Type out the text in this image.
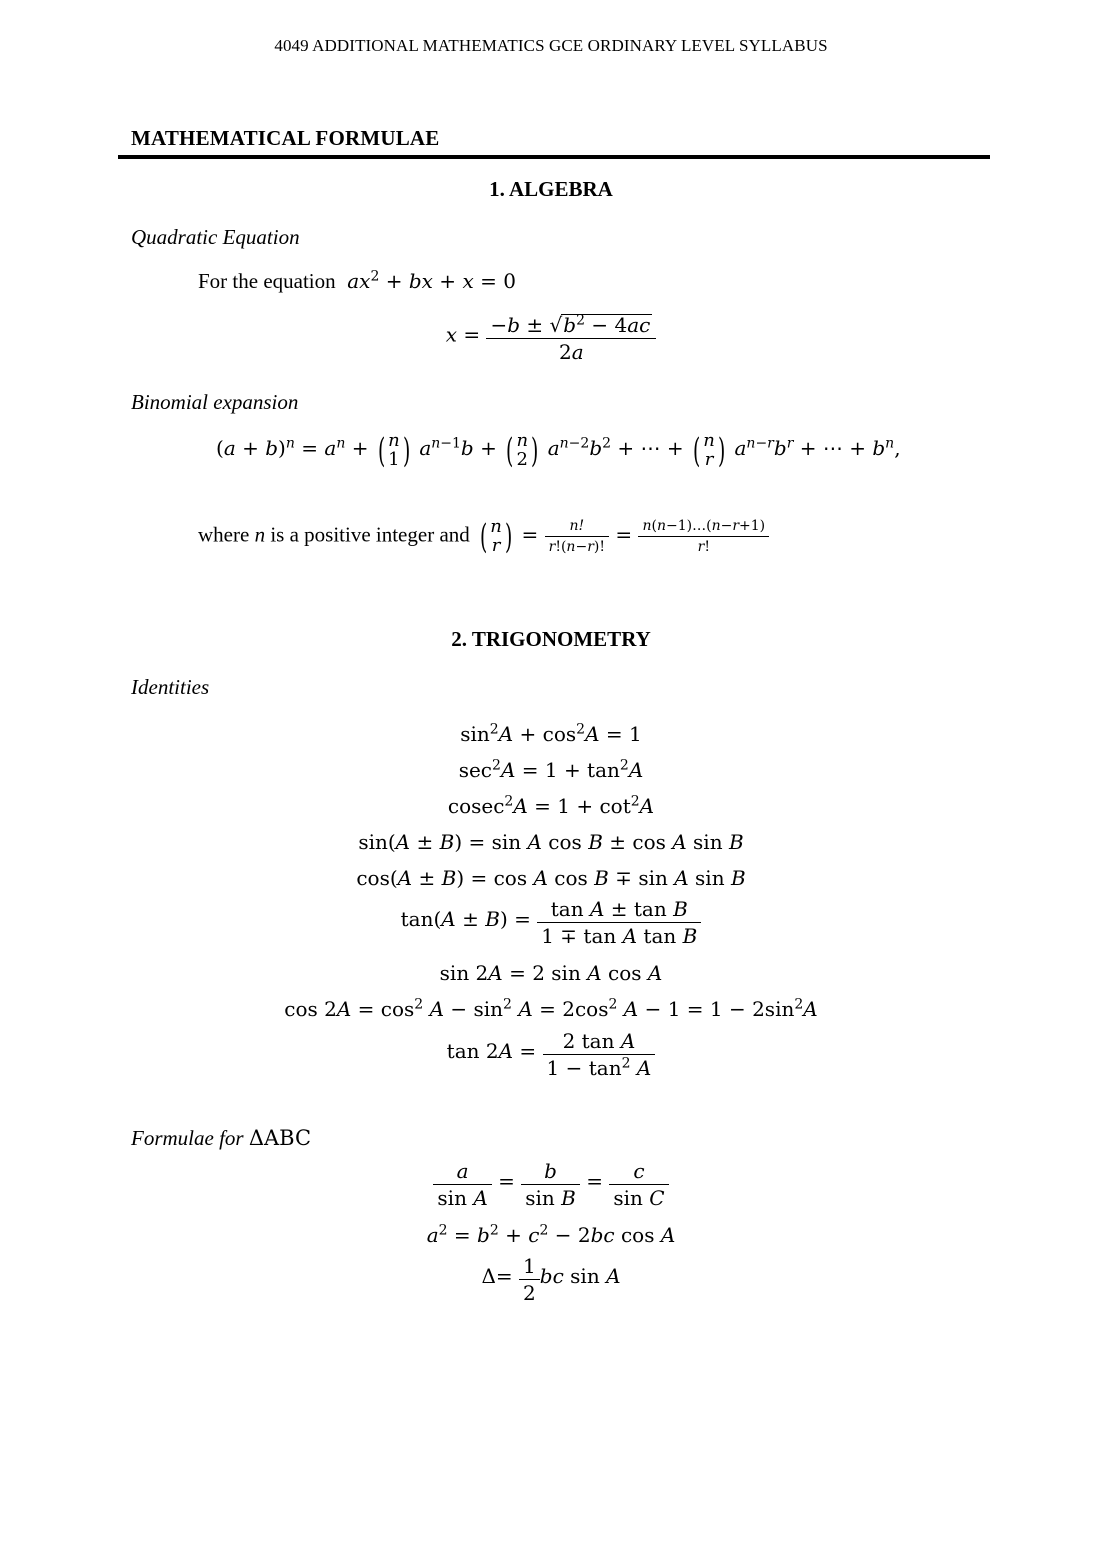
4049 ADDITIONAL MATHEMATICS GCE ORDINARY LEVEL SYLLABUS
MATHEMATICAL FORMULAE
1. ALGEBRA
Quadratic Equation
For the equation $ax^2$ + bx + x = 0
$x = \frac{-b \pm √b^2 - 4ac}{2a}$
Binomial expansion
$(a + b)^n = a^n$ + ( n
1 ) $a^{n-1}b$ + ( n
2 ) $a^{n-2}b^2$ + ⋯ + ( n
r ) $a^{n-r}b^r$ + ⋯ + $b^n$,
where n is a positive integer and ( n
r ) = $\frac{n!}{r!(n-r)!} = \frac{n(n-1)\dots(n-r+1)}{r!}$
2. TRIGONOMETRY
Identities
$\sin^2A + \cos^2A = 1$
$\sec^2A = 1 + \tan^2A$
$cosec^2A = 1 + \cot^2A$
sin(A ± B) = sin A cos B ± cos A sin B
cos(A ± B) = cos A cos B ∓ sin A sin B
$\tan(A \pm B) = \frac{\text{tan A ± tan B}}{\text{1 ∓ tan A tan B}}$
sin 2A = 2 sin A cos A
$\cos 2A = \cos^2 A - \sin^2 A = 2\cos^2$ $A - 1 = 1 - 2\sin^2A$
$\tan 2A = \frac{\text{2 tan A}}{1 - \tan^2 A}$
Formulae for ΔABC
$\frac{a}{\text{sin A}} = \frac{b}{\text{sin B}} = \frac{c}{\text{sin C}}$
$a^2 = b^2 + c^2 - 2bc$ cos A
$\Delta= \frac{1}{2}$ bc sin A
